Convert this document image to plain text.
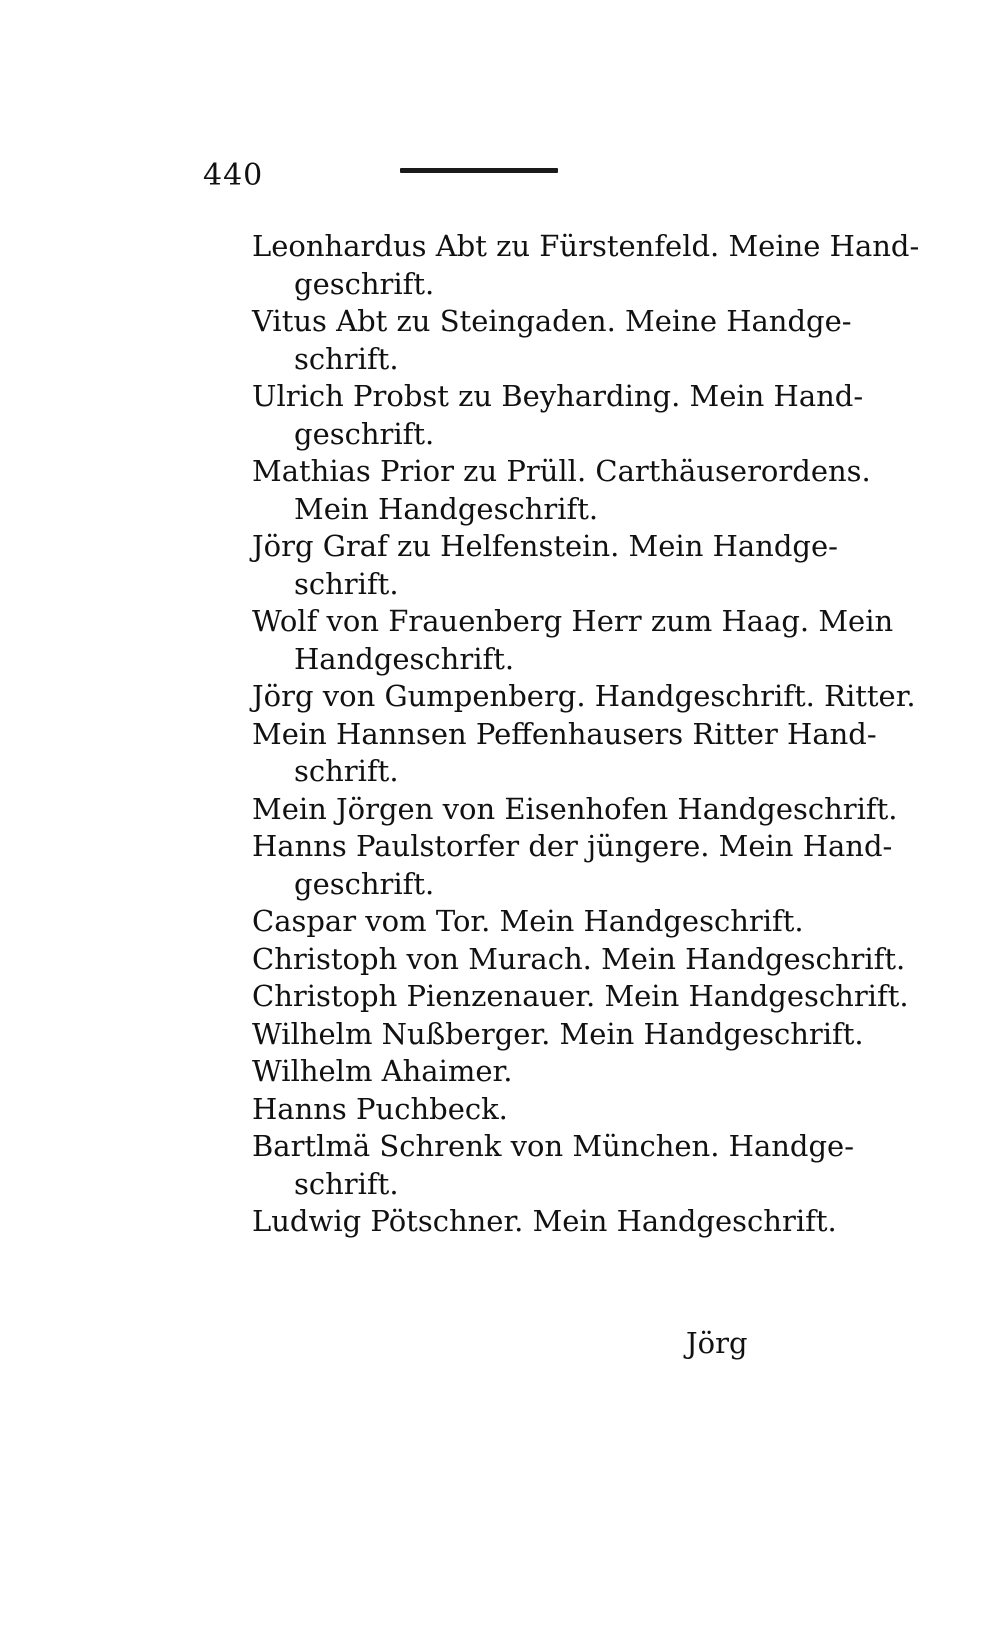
440
Leonhardus Abt zu Fürstenfeld. Meine Hand-
geschrift.
Vitus Abt zu Steingaden. Meine Handge-
schrift.
Ulrich Probst zu Beyharding. Mein Hand-
geschrift.
Mathias Prior zu Prüll. Carthäuserordens.
Mein Handgeschrift.
Jörg Graf zu Helfenstein. Mein Handge-
schrift.
Wolf von Frauenberg Herr zum Haag. Mein
Handgeschrift.
Jörg von Gumpenberg. Handgeschrift. Ritter.
Mein Hannsen Peffenhausers Ritter Hand-
schrift.
Mein Jörgen von Eisenhofen Handgeschrift.
Hanns Paulstorfer der jüngere. Mein Hand-
geschrift.
Caspar vom Tor. Mein Handgeschrift.
Christoph von Murach. Mein Handgeschrift.
Christoph Pienzenauer. Mein Handgeschrift.
Wilhelm Nußberger. Mein Handgeschrift.
Wilhelm Ahaimer.
Hanns Puchbeck.
Bartlmä Schrenk von München. Handge-
schrift.
Ludwig Pötschner. Mein Handgeschrift.
Jörg
